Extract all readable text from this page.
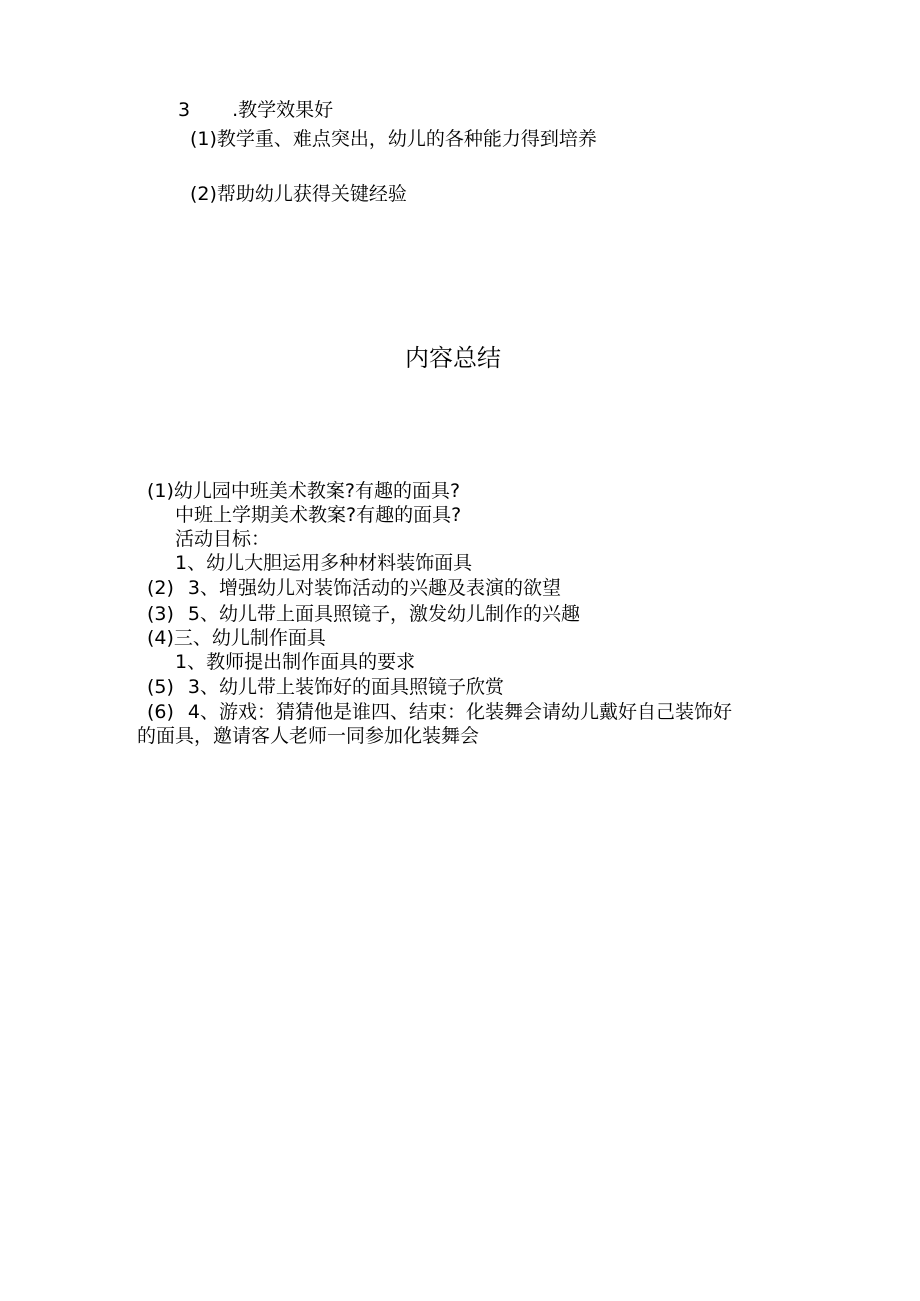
3 .教学效果好
(1)教学重、难点突出，幼儿的各种能力得到培养
(2)帮助幼儿获得关键经验
内容总结
(1)幼儿园中班美术教案?有趣的面具?
中班上学期美术教案?有趣的面具?
活动目标：
1、幼儿大胆运用多种材料装饰面具
(2) 3、增强幼儿对装饰活动的兴趣及表演的欲望
(3) 5、幼儿带上面具照镜子，激发幼儿制作的兴趣
(4)三、幼儿制作面具
1、教师提出制作面具的要求
(5) 3、幼儿带上装饰好的面具照镜子欣赏
(6) 4、游戏：猜猜他是谁四、结束：化装舞会请幼儿戴好自己装饰好
的面具，邀请客人老师一同参加化装舞会
